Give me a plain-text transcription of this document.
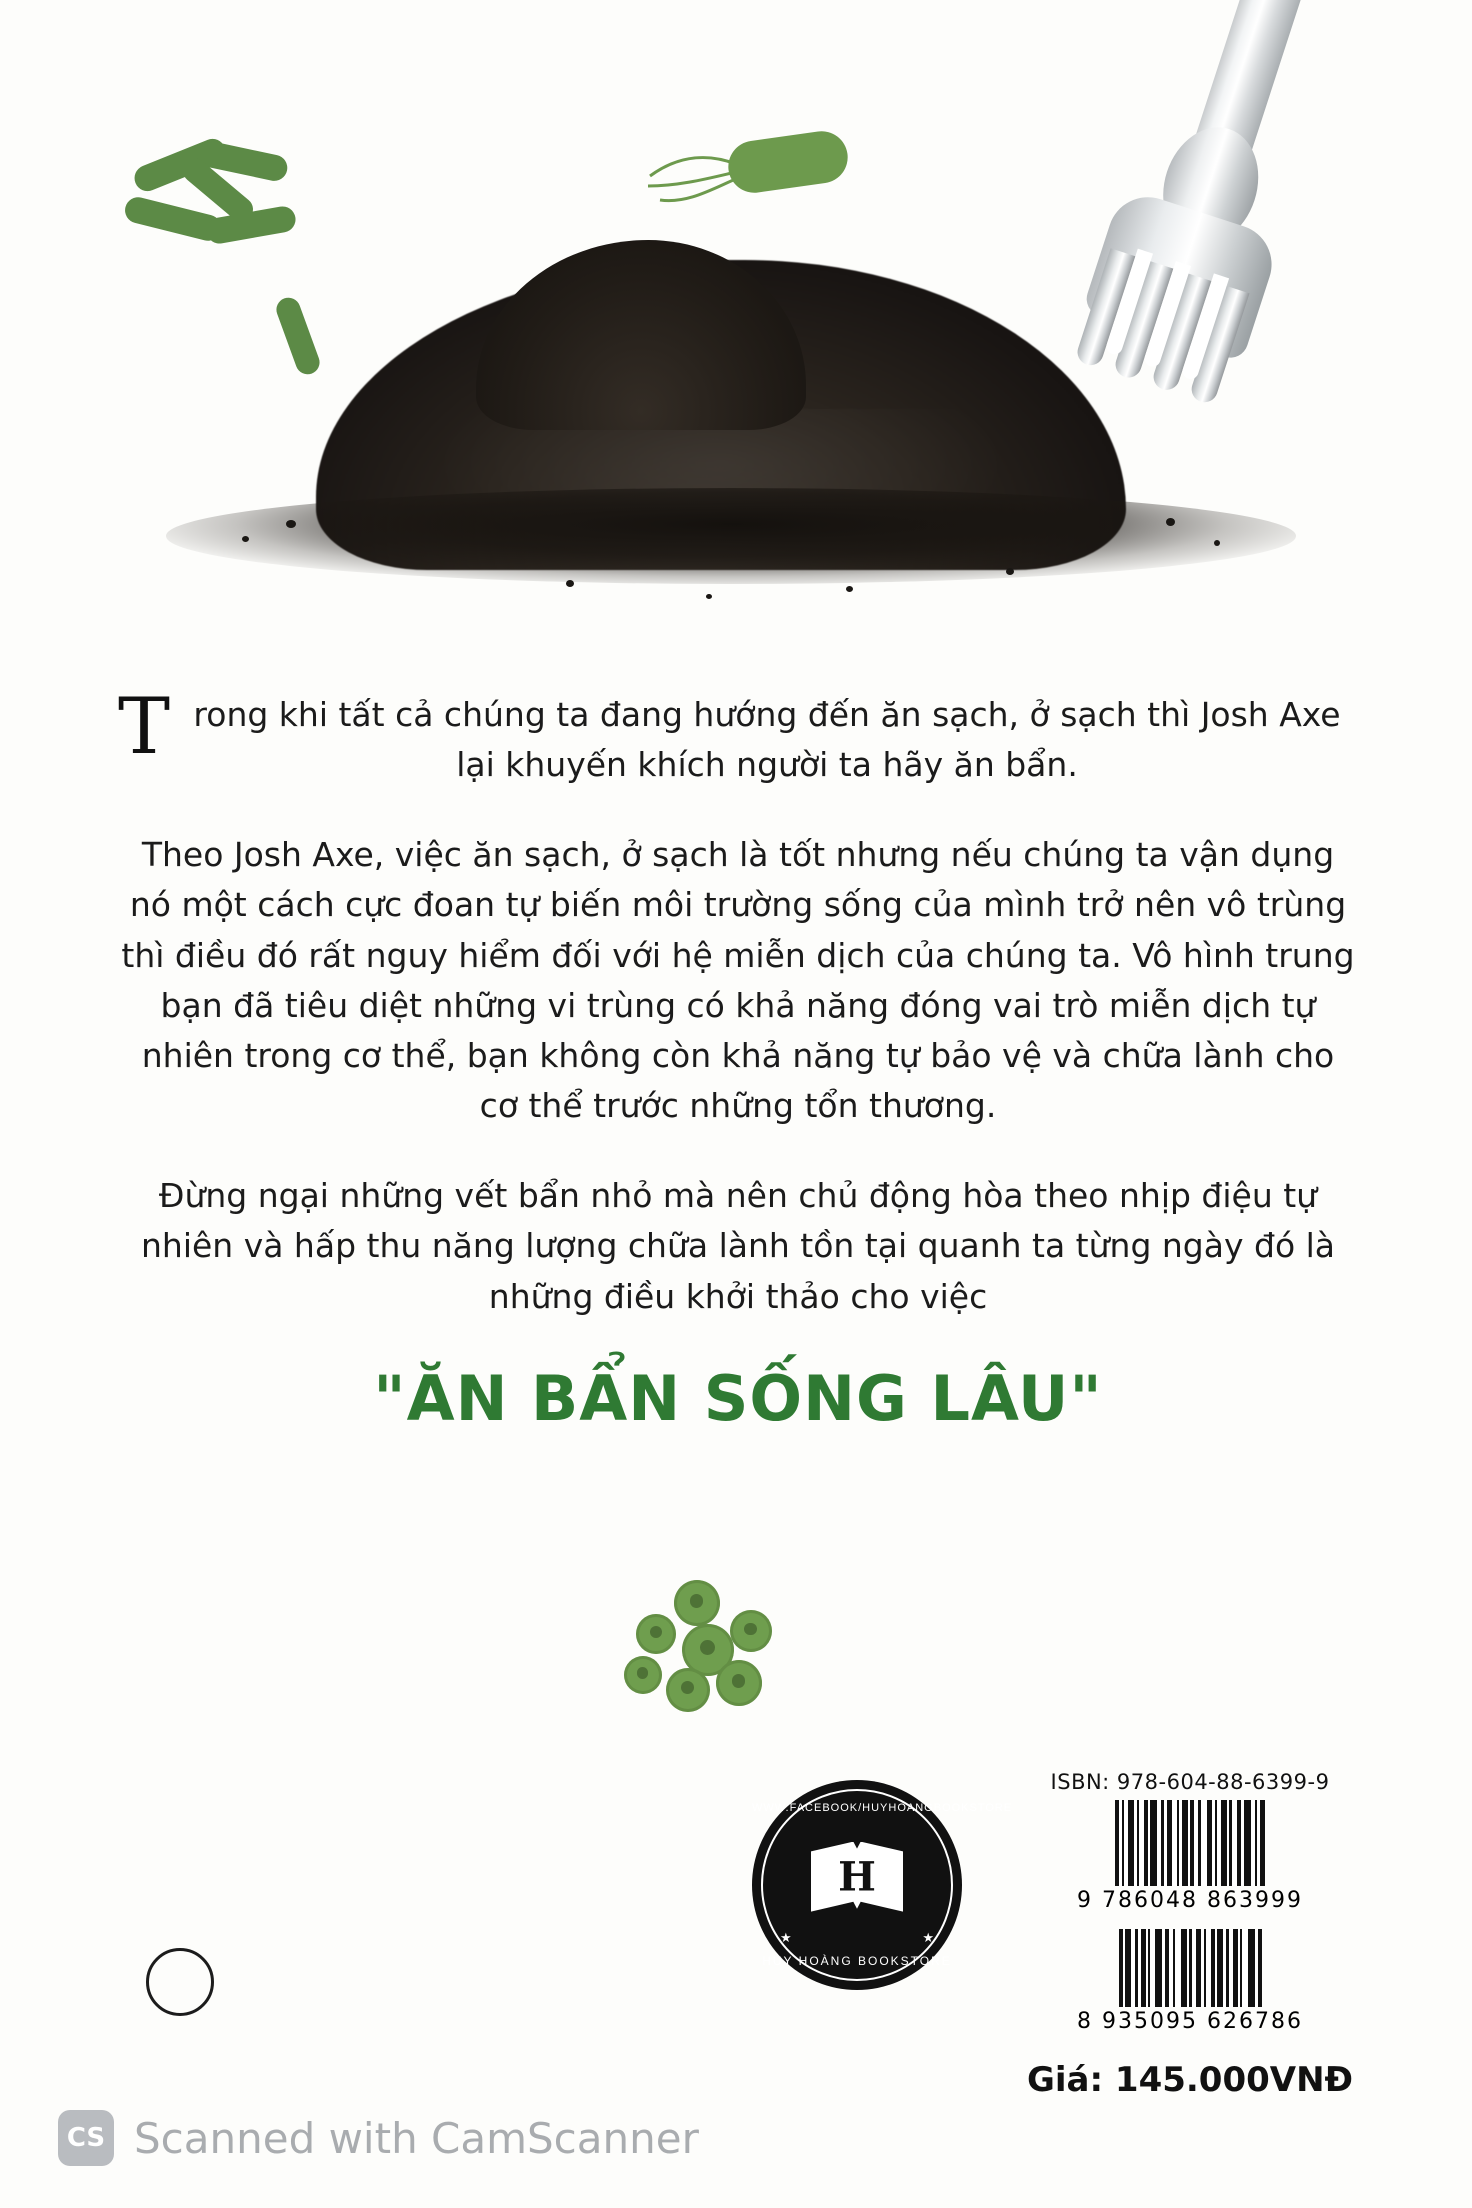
Trong khi tất cả chúng ta đang hướng đến ăn sạch, ở sạch thì Josh Axe lại khuyến khích người ta hãy ăn bẩn.

Theo Josh Axe, việc ăn sạch, ở sạch là tốt nhưng nếu chúng ta vận dụng nó một cách cực đoan tự biến môi trường sống của mình trở nên vô trùng thì điều đó rất nguy hiểm đối với hệ miễn dịch của chúng ta. Vô hình trung bạn đã tiêu diệt những vi trùng có khả năng đóng vai trò miễn dịch tự nhiên trong cơ thể, bạn không còn khả năng tự bảo vệ và chữa lành cho cơ thể trước những tổn thương.

Đừng ngại những vết bẩn nhỏ mà nên chủ động hòa theo nhịp điệu tự nhiên và hấp thu năng lượng chữa lành tồn tại quanh ta từng ngày đó là những điều khởi thảo cho việc

"ĂN BẨN SỐNG LÂU"
WWW.FACEBOOK/HUYHOANGBOOKSTORE
H
★	★
HUY HOÀNG BOOKSTORE
ISBN: 978-604-88-6399-9
9 786048 863999
8 935095 626786
Giá: 145.000VNĐ
CS Scanned with CamScanner
